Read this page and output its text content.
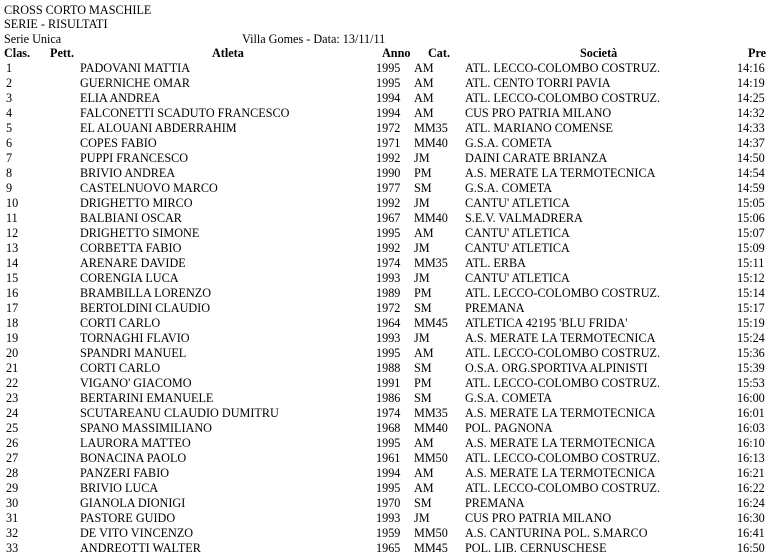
CROSS CORTO MASCHILE
SERIE - RISULTATI
Serie Unica	Villa Gomes - Data: 13/11/11
Clas. Pett.	Atleta	Anno Cat.	Società	Pre
1	PADOVANI MATTIA	1995 AM	ATL. LECCO-COLOMBO COSTRUZ.	14:16
2	GUERNICHE OMAR	1995 AM	ATL. CENTO TORRI PAVIA	14:19
3	ELIA ANDREA	1994 AM	ATL. LECCO-COLOMBO COSTRUZ.	14:25
4	FALCONETTI SCADUTO FRANCESCO	1994 AM	CUS PRO PATRIA MILANO	14:32
5	EL ALOUANI ABDERRAHIM	1972 MM35 ATL. MARIANO COMENSE	14:33
6	COPES FABIO	1971 MM40 G.S.A. COMETA	14:37
7	PUPPI FRANCESCO	1992 JM	DAINI CARATE BRIANZA	14:50
8	BRIVIO ANDREA	1990 PM	A.S. MERATE LA TERMOTECNICA	14:54
9	CASTELNUOVO MARCO	1977 SM	G.S.A. COMETA	14:59
10	DRIGHETTO MIRCO	1992 JM	CANTU' ATLETICA	15:05
11	BALBIANI OSCAR	1967 MM40 S.E.V. VALMADRERA	15:06
12	DRIGHETTO SIMONE	1995 AM	CANTU' ATLETICA	15:07
13	CORBETTA FABIO	1992 JM	CANTU' ATLETICA	15:09
14	ARENARE DAVIDE	1974 MM35 ATL. ERBA	15:11
15	CORENGIA LUCA	1993 JM	CANTU' ATLETICA	15:12
16	BRAMBILLA LORENZO	1989 PM	ATL. LECCO-COLOMBO COSTRUZ.	15:14
17	BERTOLDINI CLAUDIO	1972 SM	PREMANA	15:17
18	CORTI CARLO	1964 MM45 ATLETICA 42195 'BLU FRIDA'	15:19
19	TORNAGHI FLAVIO	1993 JM	A.S. MERATE LA TERMOTECNICA	15:24
20	SPANDRI MANUEL	1995 AM	ATL. LECCO-COLOMBO COSTRUZ.	15:36
21	CORTI CARLO	1988 SM	O.S.A. ORG.SPORTIVA ALPINISTI	15:39
22	VIGANO' GIACOMO	1991 PM	ATL. LECCO-COLOMBO COSTRUZ.	15:53
23	BERTARINI EMANUELE	1986 SM	G.S.A. COMETA	16:00
24	SCUTAREANU CLAUDIO DUMITRU	1974 MM35 A.S. MERATE LA TERMOTECNICA	16:01
25	SPANO MASSIMILIANO	1968 MM40 POL. PAGNONA	16:03
26	LAURORA MATTEO	1995 AM	A.S. MERATE LA TERMOTECNICA	16:10
27	BONACINA PAOLO	1961 MM50 ATL. LECCO-COLOMBO COSTRUZ.	16:13
28	PANZERI FABIO	1994 AM	A.S. MERATE LA TERMOTECNICA	16:21
29	BRIVIO LUCA	1995 AM	ATL. LECCO-COLOMBO COSTRUZ.	16:22
30	GIANOLA DIONIGI	1970 SM	PREMANA	16:24
31	PASTORE GUIDO	1993 JM	CUS PRO PATRIA MILANO	16:30
32	DE VITO VINCENZO	1959 MM50 A.S. CANTURINA POL. S.MARCO	16:41
33	ANDREOTTI WALTER	1965 MM45 POL. LIB. CERNUSCHESE	16:50
